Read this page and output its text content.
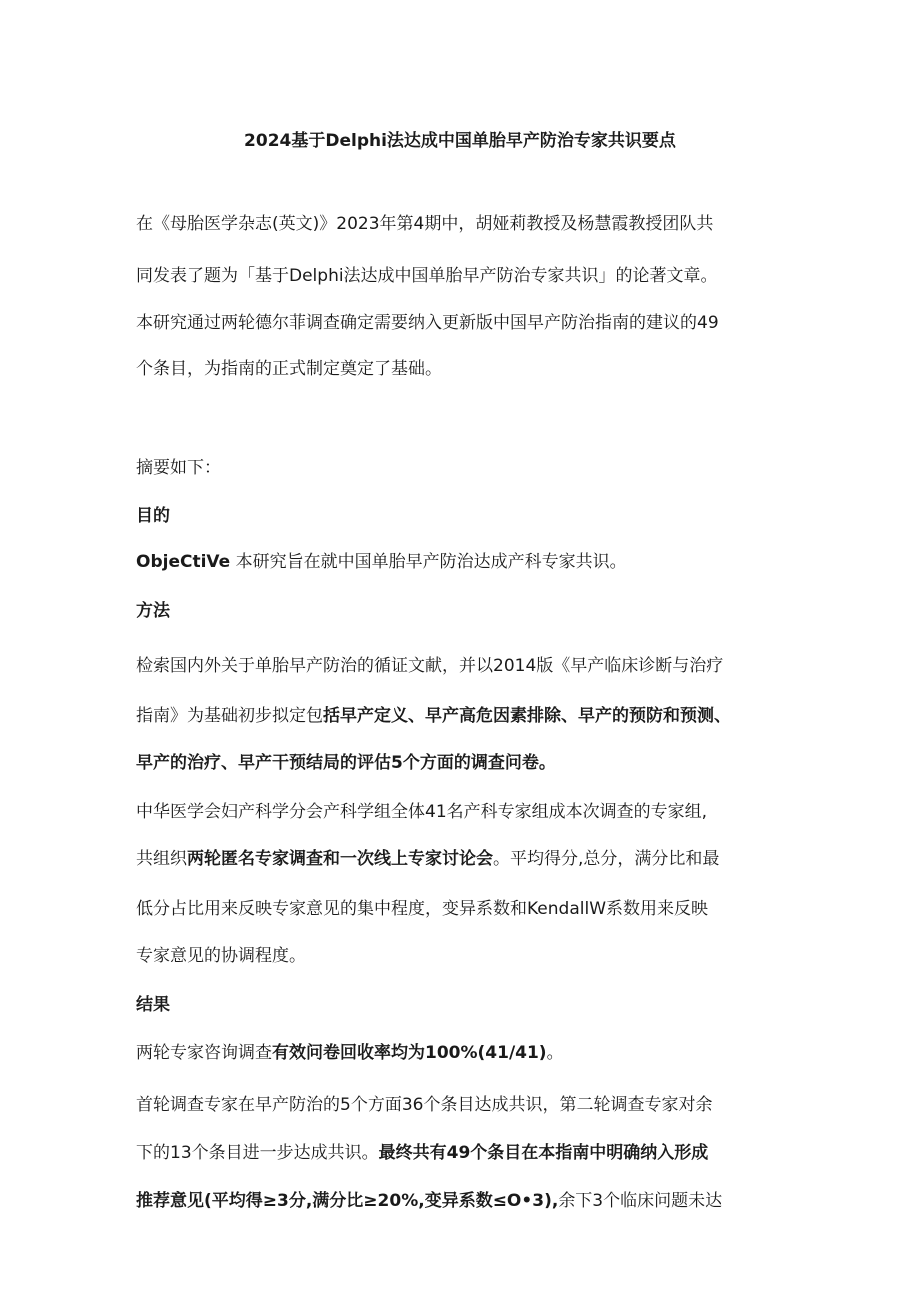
2024基于Delphi法达成中国单胎早产防治专家共识要点
在《母胎医学杂志(英文)》2023年第4期中，胡娅莉教授及杨慧霞教授团队共
同发表了题为「基于Delphi法达成中国单胎早产防治专家共识」的论著文章。
本研究通过两轮德尔菲调查确定需要纳入更新版中国早产防治指南的建议的49
个条目，为指南的正式制定奠定了基础。
摘要如下：
目的
ObjeCtiVe 本研究旨在就中国单胎早产防治达成产科专家共识。
方法
检索国内外关于单胎早产防治的循证文献，并以2014版《早产临床诊断与治疗
指南》为基础初步拟定包括早产定义、早产高危因素排除、早产的预防和预测、
早产的治疗、早产干预结局的评估5个方面的调查问卷。
中华医学会妇产科学分会产科学组全体41名产科专家组成本次调查的专家组,
共组织两轮匿名专家调查和一次线上专家讨论会。平均得分,总分，满分比和最
低分占比用来反映专家意见的集中程度，变异系数和KendallW系数用来反映
专家意见的协调程度。
结果
两轮专家咨询调查有效问卷回收率均为100%(41/41)。
首轮调查专家在早产防治的5个方面36个条目达成共识，第二轮调查专家对余
下的13个条目进一步达成共识。最终共有49个条目在本指南中明确纳入形成
推荐意见(平均得≥3分,满分比≥20%,变异系数≤O•3),余下3个临床问题未达
